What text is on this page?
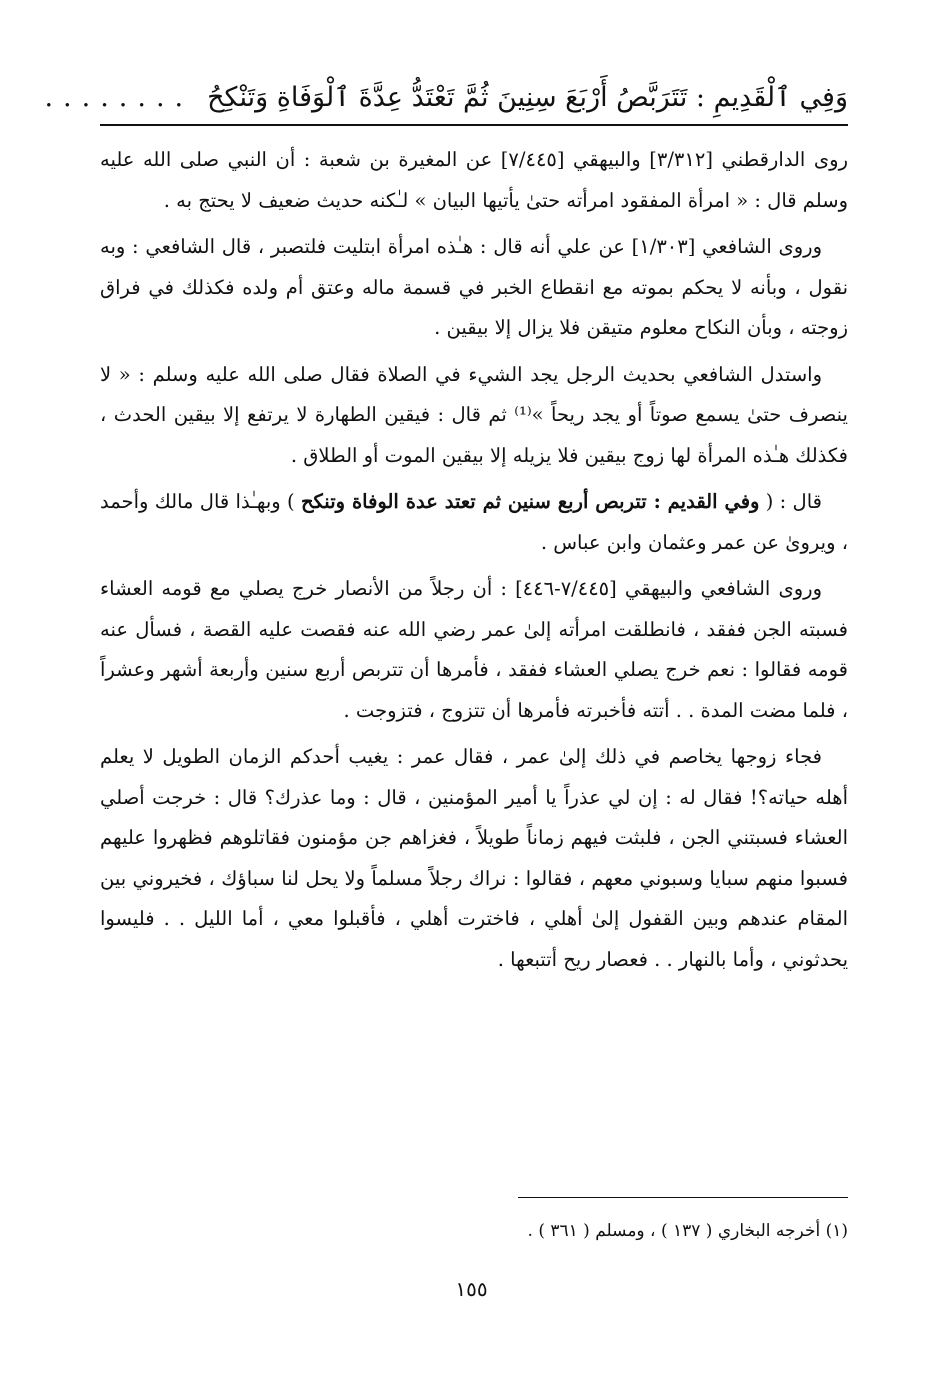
وَفِي ٱلْقَدِيمِ : تَتَرَبَّصُ أَرْبَعَ سِنِينَ ثُمَّ تَعْتَدُّ عِدَّةَ ٱلْوَفَاةِ وَتَنْكِحُ
........

روى الدارقطني [٣/٣١٢] والبيهقي [٧/٤٤٥] عن المغيرة بن شعبة : أن النبي صلى الله عليه وسلم قال : « امرأة المفقود امرأته حتىٰ يأتيها البيان » لـٰكنه حديث ضعيف لا يحتج به .

وروى الشافعي [١/٣٠٣] عن علي أنه قال : هـٰذه امرأة ابتليت فلتصبر ، قال الشافعي : وبه نقول ، وبأنه لا يحكم بموته مع انقطاع الخبر في قسمة ماله وعتق أم ولده فكذلك في فراق زوجته ، وبأن النكاح معلوم متيقن فلا يزال إلا بيقين .

واستدل الشافعي بحديث الرجل يجد الشيء في الصلاة فقال صلى الله عليه وسلم : « لا ينصرف حتىٰ يسمع صوتاً أو يجد ريحاً »⁽¹⁾ ثم قال : فيقين الطهارة لا يرتفع إلا بيقين الحدث ، فكذلك هـٰذه المرأة لها زوج بيقين فلا يزيله إلا بيقين الموت أو الطلاق .

قال : ( وفي القديم : تتربص أربع سنين ثم تعتد عدة الوفاة وتنكح ) وبهـٰذا قال مالك وأحمد ، ويروىٰ عن عمر وعثمان وابن عباس .

وروى الشافعي والبيهقي [٧/٤٤٥-٤٤٦] : أن رجلاً من الأنصار خرج يصلي مع قومه العشاء فسبته الجن ففقد ، فانطلقت امرأته إلىٰ عمر رضي الله عنه فقصت عليه القصة ، فسأل عنه قومه فقالوا : نعم خرج يصلي العشاء ففقد ، فأمرها أن تتربص أربع سنين وأربعة أشهر وعشراً ، فلما مضت المدة . . أتته فأخبرته فأمرها أن تتزوج ، فتزوجت .

فجاء زوجها يخاصم في ذلك إلىٰ عمر ، فقال عمر : يغيب أحدكم الزمان الطويل لا يعلم أهله حياته؟! فقال له : إن لي عذراً يا أمير المؤمنين ، قال : وما عذرك؟ قال : خرجت أصلي العشاء فسبتني الجن ، فلبثت فيهم زماناً طويلاً ، فغزاهم جن مؤمنون فقاتلوهم فظهروا عليهم فسبوا منهم سبايا وسبوني معهم ، فقالوا : نراك رجلاً مسلماً ولا يحل لنا سباؤك ، فخيروني بين المقام عندهم وبين القفول إلىٰ أهلي ، فاخترت أهلي ، فأقبلوا معي ، أما الليل . . فليسوا يحدثوني ، وأما بالنهار . . فعصار ريح أتتبعها .

(١) أخرجه البخاري ( ١٣٧ ) ، ومسلم ( ٣٦١ ) .
١٥٥
